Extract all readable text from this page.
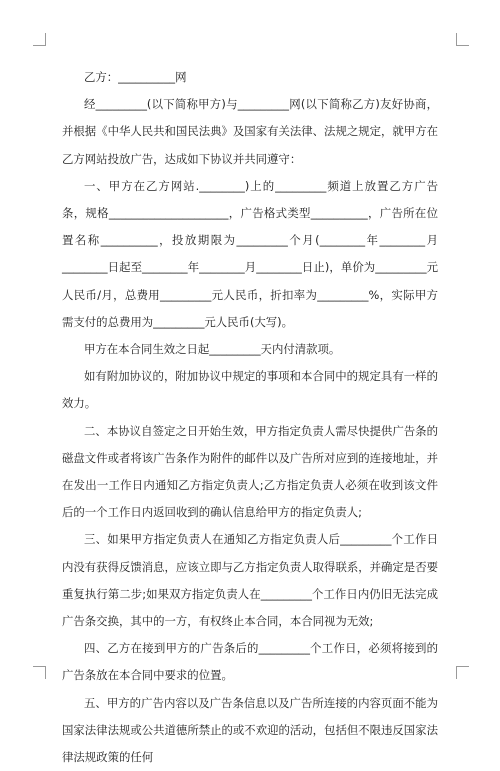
乙方：__________网

经_________(以下简称甲方)与_________网(以下简称乙方)友好协商，并根据《中华人民共和国民法典》及国家有关法律、法规之规定，就甲方在乙方网站投放广告，达成如下协议并共同遵守：

一、甲方在乙方网站.________)上的_________频道上放置乙方广告条，规格_____________________，广告格式类型__________，广告所在位置名称__________，投放期限为_________个月(________年________月________日起至________年________月________日止)，单价为_________元人民币/月，总费用_________元人民币，折扣率为_________%，实际甲方需支付的总费用为_________元人民币(大写)。

甲方在本合同生效之日起_________天内付清款项。

如有附加协议的，附加协议中规定的事项和本合同中的规定具有一样的效力。

二、本协议自签定之日开始生效，甲方指定负责人需尽快提供广告条的磁盘文件或者将该广告条作为附件的邮件以及广告所对应到的连接地址，并在发出一工作日内通知乙方指定负责人;乙方指定负责人必须在收到该文件后的一个工作日内返回收到的确认信息给甲方的指定负责人;

三、如果甲方指定负责人在通知乙方指定负责人后_________个工作日内没有获得反馈消息，应该立即与乙方指定负责人取得联系，并确定是否要重复执行第二步;如果双方指定负责人在_________个工作日内仍旧无法完成广告条交换，其中的一方，有权终止本合同，本合同视为无效;

四、乙方在接到甲方的广告条后的_________个工作日，必须将接到的广告条放在本合同中要求的位置。

五、甲方的广告内容以及广告条信息以及广告所连接的内容页面不能为国家法律法规或公共道德所禁止的或不欢迎的活动，包括但不限违反国家法律法规政策的任何
